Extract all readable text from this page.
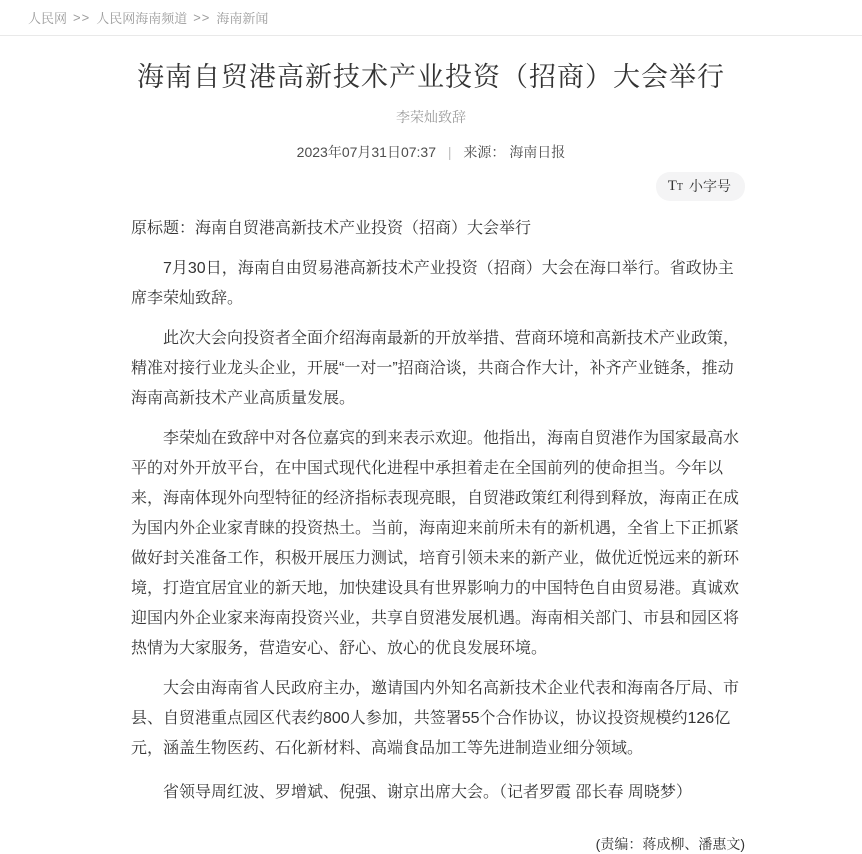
人民网 >> 人民网海南频道 >> 海南新闻
海南自贸港高新技术产业投资（招商）大会举行
李荣灿致辞
2023年07月31日07:37 | 来源： 海南日报
TT 小字号

原标题：海南自贸港高新技术产业投资（招商）大会举行

7月30日，海南自由贸易港高新技术产业投资（招商）大会在海口举行。省政协主席李荣灿致辞。

此次大会向投资者全面介绍海南最新的开放举措、营商环境和高新技术产业政策，精准对接行业龙头企业，开展“一对一”招商洽谈，共商合作大计，补齐产业链条，推动海南高新技术产业高质量发展。

李荣灿在致辞中对各位嘉宾的到来表示欢迎。他指出，海南自贸港作为国家最高水平的对外开放平台，在中国式现代化进程中承担着走在全国前列的使命担当。今年以来，海南体现外向型特征的经济指标表现亮眼，自贸港政策红利得到释放，海南正在成为国内外企业家青睐的投资热土。当前，海南迎来前所未有的新机遇，全省上下正抓紧做好封关准备工作，积极开展压力测试，培育引领未来的新产业，做优近悦远来的新环境，打造宜居宜业的新天地，加快建设具有世界影响力的中国特色自由贸易港。真诚欢迎国内外企业家来海南投资兴业，共享自贸港发展机遇。海南相关部门、市县和园区将热情为大家服务，营造安心、舒心、放心的优良发展环境。

大会由海南省人民政府主办，邀请国内外知名高新技术企业代表和海南各厅局、市县、自贸港重点园区代表约800人参加，共签署55个合作协议，协议投资规模约126亿元，涵盖生物医药、石化新材料、高端食品加工等先进制造业细分领域。

省领导周红波、罗增斌、倪强、谢京出席大会。（记者罗霞 邵长春 周晓梦）

(责编：蒋成柳、潘惠文)
